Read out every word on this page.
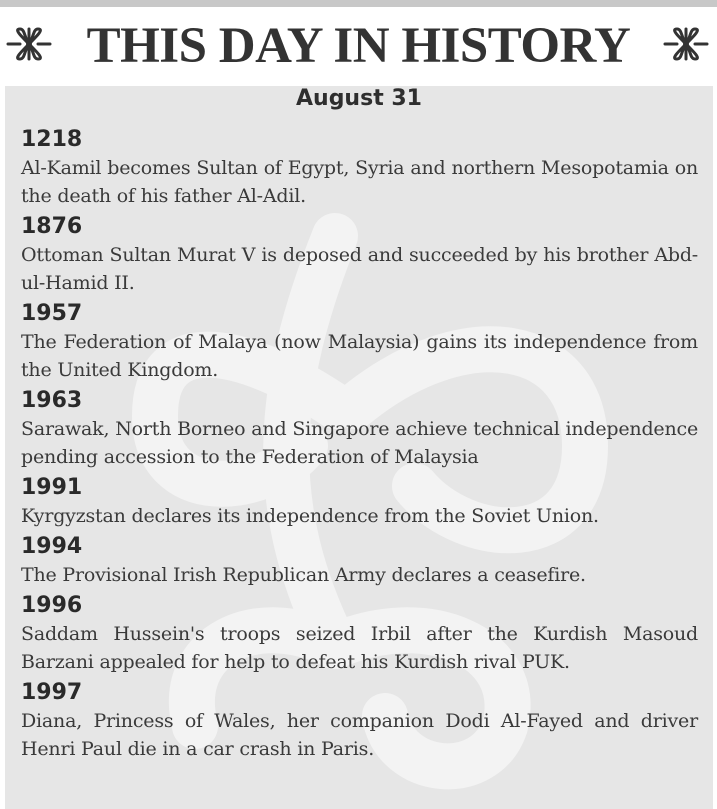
THIS DAY IN HISTORY
August 31

1218

Al-Kamil becomes Sultan of Egypt, Syria and northern Mesopotamia on the death of his father Al-Adil.

1876

Ottoman Sultan Murat V is deposed and succeeded by his brother Abd-ul-Hamid II.

1957

The Federation of Malaya (now Malaysia) gains its independence from the United Kingdom.

1963

Sarawak, North Borneo and Singapore achieve technical independence pending accession to the Federation of Malaysia

1991

Kyrgyzstan declares its independence from the Soviet Union.

1994

The Provisional Irish Republican Army declares a ceasefire.

1996

Saddam Hussein's troops seized Irbil after the Kurdish Masoud Barzani appealed for help to defeat his Kurdish rival PUK.

1997

Diana, Princess of Wales, her companion Dodi Al-Fayed and driver Henri Paul die in a car crash in Paris.
